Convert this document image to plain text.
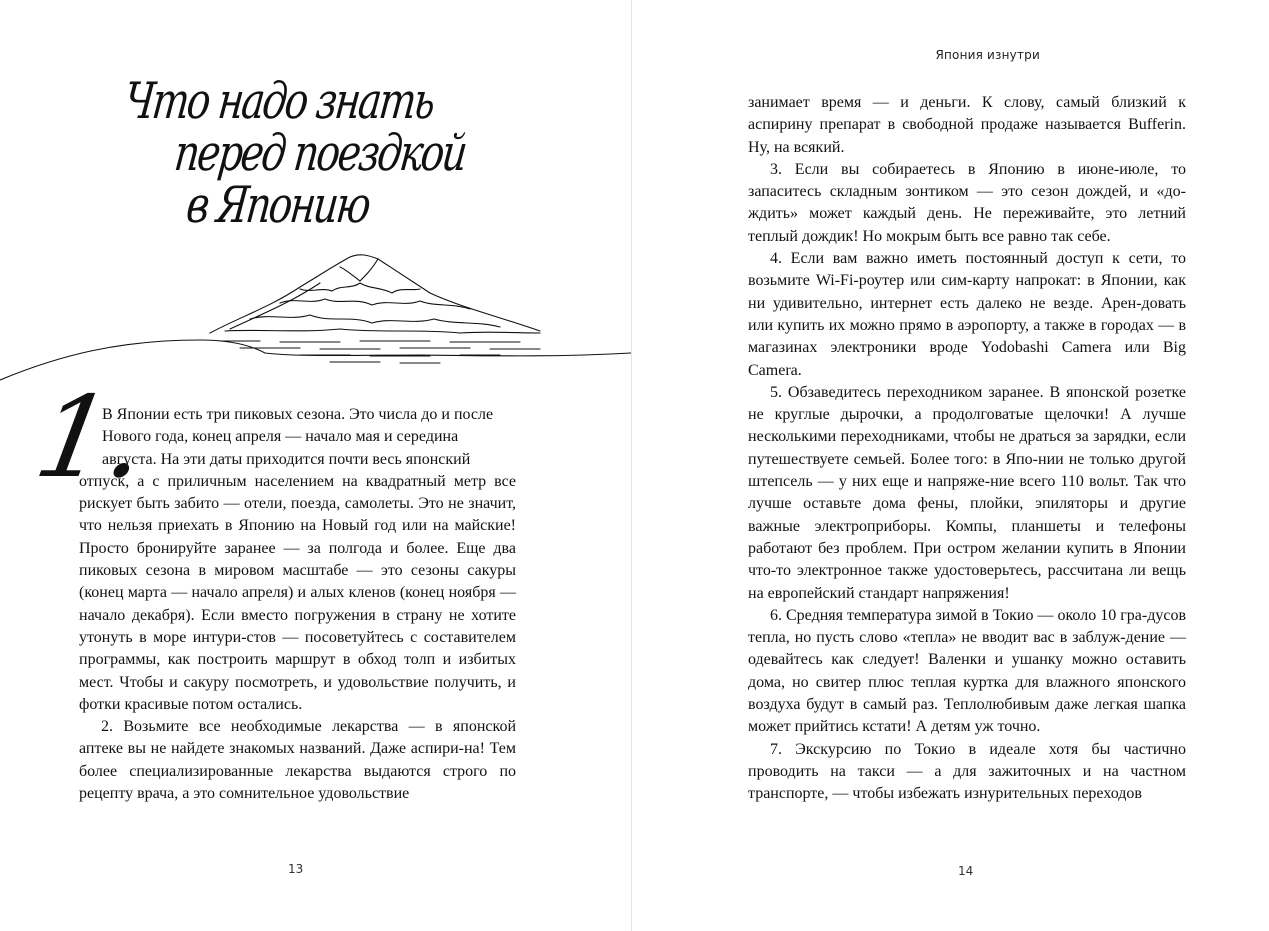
Что надо знать
перед поездкой
в Японию
1.
В Японии есть три пиковых сезона. Это числа до и после
Нового года, конец апреля — начало мая и середина
августа. На эти даты приходится почти весь японский

отпуск, а с приличным населением на квадратный метр все рискует быть забито — отели, поезда, самолеты. Это не значит, что нельзя приехать в Японию на Новый год или на майские! Просто бронируйте заранее — за полгода и более. Еще два пиковых сезона в мировом масштабе — это сезоны сакуры (конец марта — начало апреля) и алых кленов (конец ноября — начало декабря). Если вместо погружения в страну не хотите утонуть в море интури-стов — посоветуйтесь с составителем программы, как построить маршрут в обход толп и избитых мест. Чтобы и сакуру посмотреть, и удовольствие получить, и фотки красивые потом остались.

2. Возьмите все необходимые лекарства — в японской аптеке вы не найдете знакомых названий. Даже аспири-на! Тем более специализированные лекарства выдаются строго по рецепту врача, а это сомнительное удовольствие

13
Япония изнутри

занимает время — и деньги. К слову, самый близкий к аспирину препарат в свободной продаже называется Bufferin. Ну, на всякий.

3. Если вы собираетесь в Японию в июне-июле, то запаситесь складным зонтиком — это сезон дождей, и «до-ждить» может каждый день. Не переживайте, это летний теплый дождик! Но мокрым быть все равно так себе.

4. Если вам важно иметь постоянный доступ к сети, то возьмите Wi-Fi-роутер или сим-карту напрокат: в Японии, как ни удивительно, интернет есть далеко не везде. Арен-довать или купить их можно прямо в аэропорту, а также в городах — в магазинах электроники вроде Yodobashi Camera или Big Camera.

5. Обзаведитесь переходником заранее. В японской розетке не круглые дырочки, а продолговатые щелочки! А лучше несколькими переходниками, чтобы не драться за зарядки, если путешествуете семьей. Более того: в Япо-нии не только другой штепсель — у них еще и напряже-ние всего 110 вольт. Так что лучше оставьте дома фены, плойки, эпиляторы и другие важные электроприборы. Компы, планшеты и телефоны работают без проблем. При остром желании купить в Японии что-то электронное также удостоверьтесь, рассчитана ли вещь на европейский стандарт напряжения!

6. Средняя температура зимой в Токио — около 10 гра-дусов тепла, но пусть слово «тепла» не вводит вас в заблуж-дение — одевайтесь как следует! Валенки и ушанку можно оставить дома, но свитер плюс теплая куртка для влажного японского воздуха будут в самый раз. Теплолюбивым даже легкая шапка может прийтись кстати! А детям уж точно.

7. Экскурсию по Токио в идеале хотя бы частично проводить на такси — а для зажиточных и на частном транспорте, — чтобы избежать изнурительных переходов

14
